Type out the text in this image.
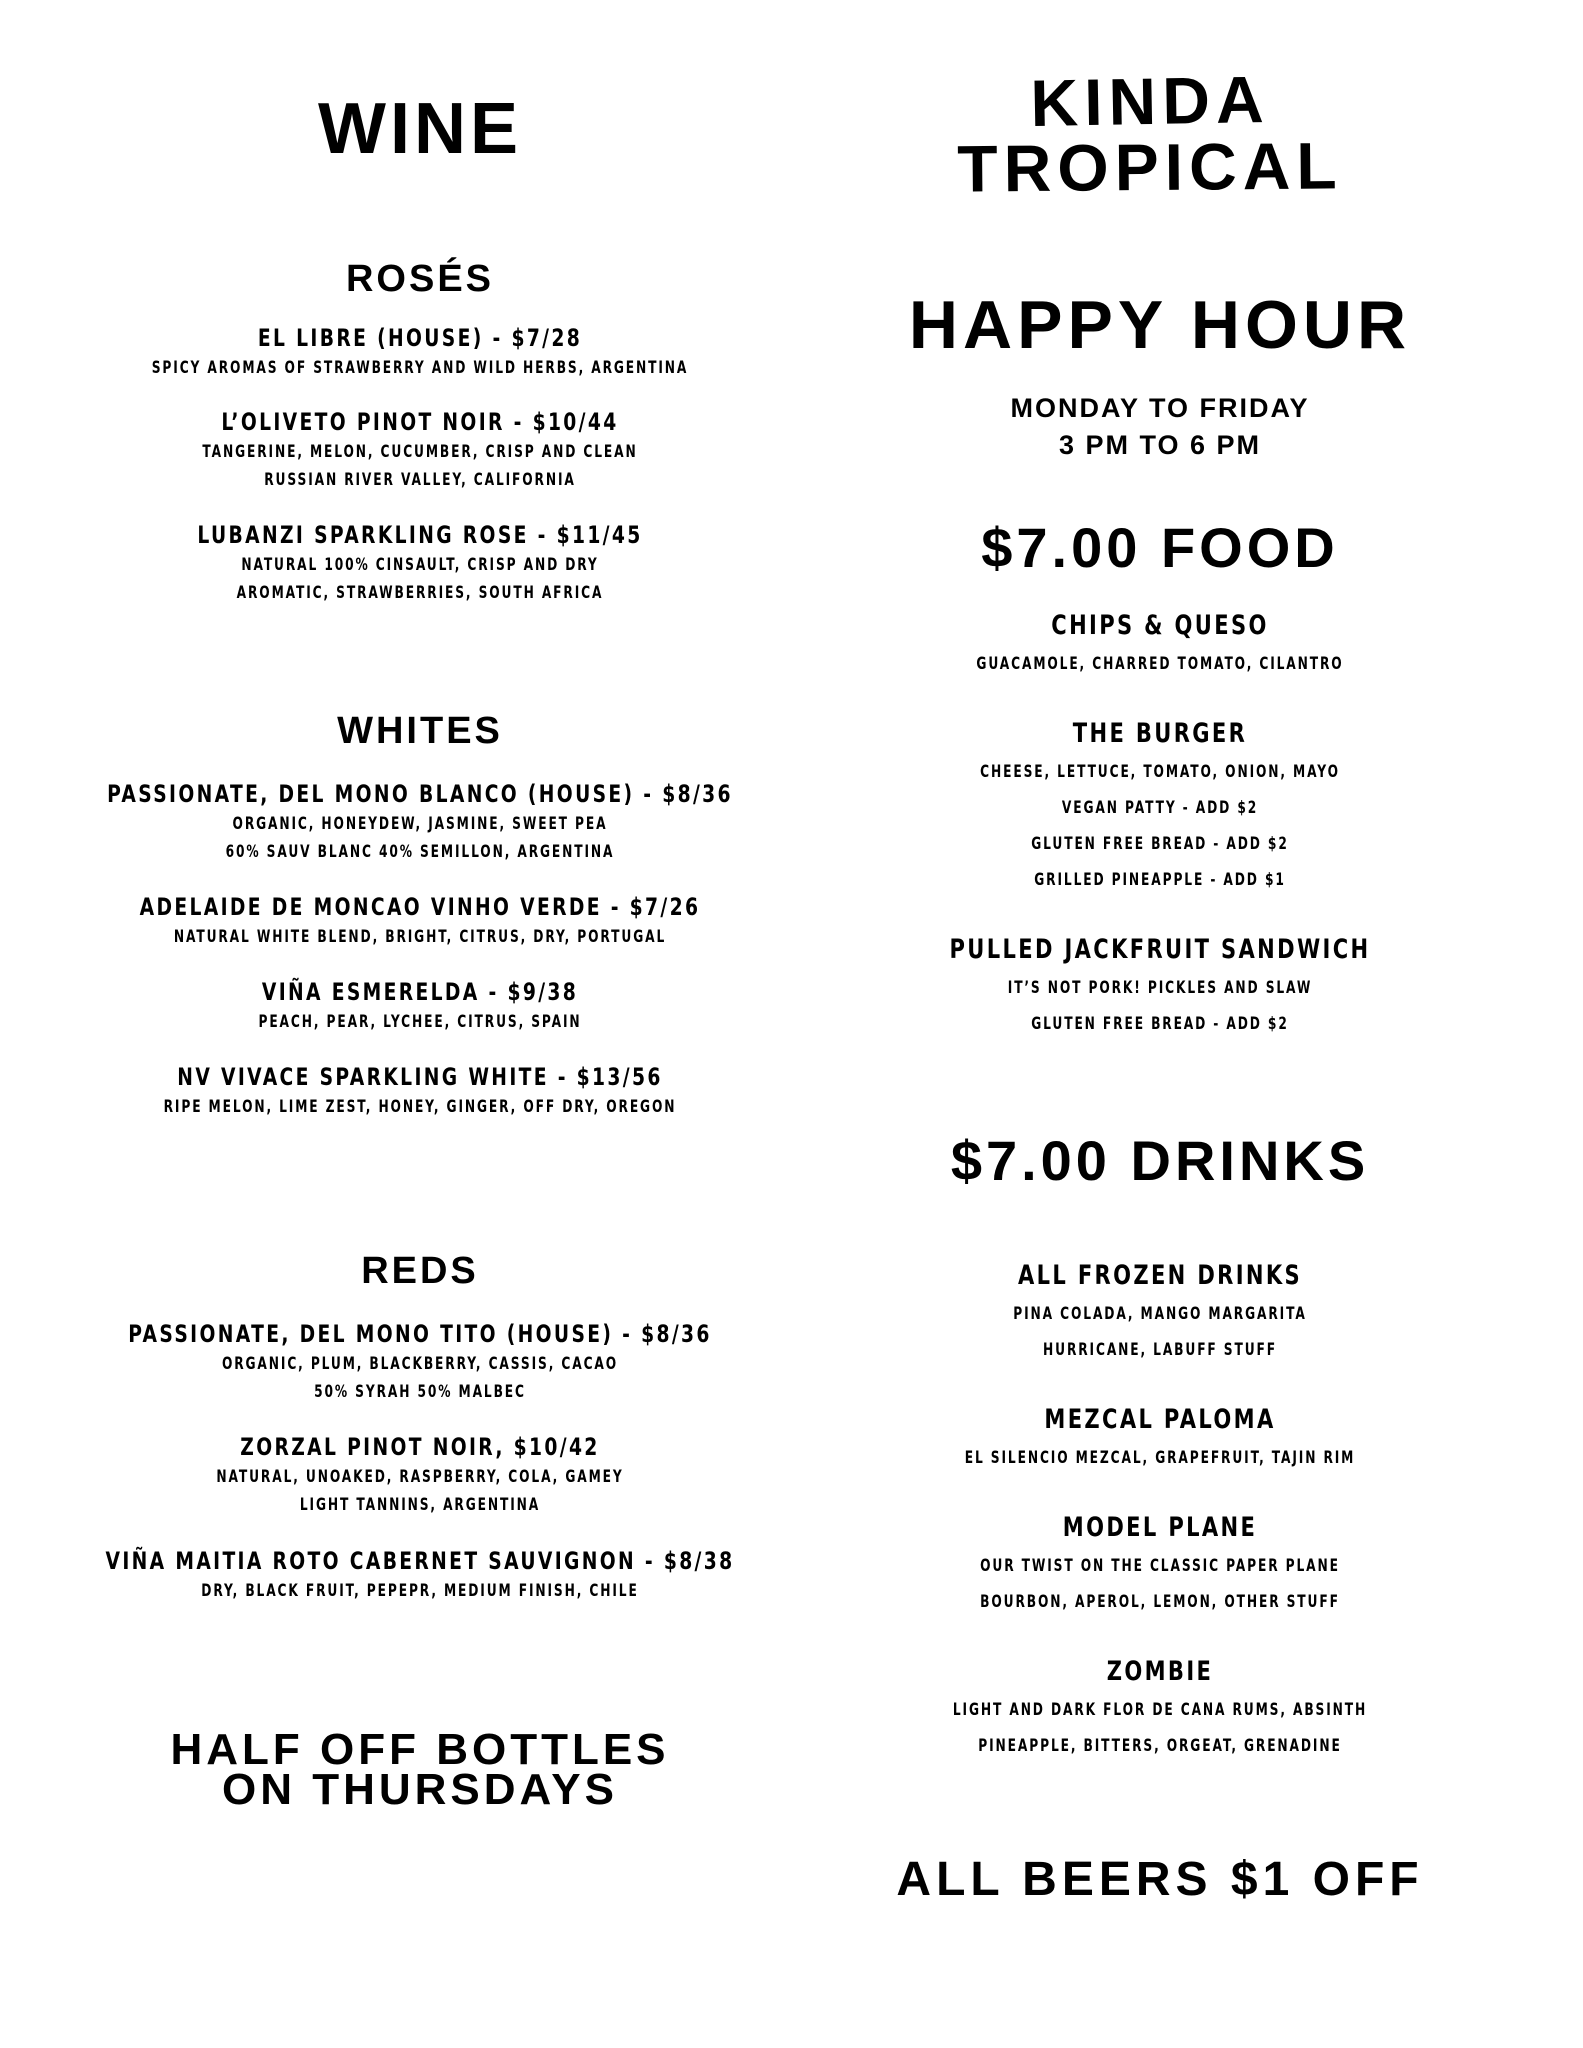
WINE
ROSÉS
EL LIBRE (HOUSE) - $7/28
SPICY AROMAS OF STRAWBERRY AND WILD HERBS, ARGENTINA
L’OLIVETO PINOT NOIR - $10/44
TANGERINE, MELON, CUCUMBER, CRISP AND CLEAN
RUSSIAN RIVER VALLEY, CALIFORNIA
LUBANZI SPARKLING ROSE - $11/45
NATURAL 100% CINSAULT, CRISP AND DRY
AROMATIC, STRAWBERRIES, SOUTH AFRICA
WHITES
PASSIONATE, DEL MONO BLANCO (HOUSE) - $8/36
ORGANIC, HONEYDEW, JASMINE, SWEET PEA
60% SAUV BLANC 40% SEMILLON, ARGENTINA
ADELAIDE DE MONCAO VINHO VERDE - $7/26
NATURAL WHITE BLEND, BRIGHT, CITRUS, DRY, PORTUGAL
VIÑA ESMERELDA - $9/38
PEACH, PEAR, LYCHEE, CITRUS, SPAIN
NV VIVACE SPARKLING WHITE - $13/56
RIPE MELON, LIME ZEST, HONEY, GINGER, OFF DRY, OREGON
REDS
PASSIONATE, DEL MONO TITO (HOUSE) - $8/36
ORGANIC, PLUM, BLACKBERRY, CASSIS, CACAO
50% SYRAH 50% MALBEC
ZORZAL PINOT NOIR, $10/42
NATURAL, UNOAKED, RASPBERRY, COLA, GAMEY
LIGHT TANNINS, ARGENTINA
VIÑA MAITIA ROTO CABERNET SAUVIGNON - $8/38
DRY, BLACK FRUIT, PEPEPR, MEDIUM FINISH, CHILE
HALF OFF BOTTLES
ON THURSDAYS
KINDA
TROPICAL
HAPPY HOUR
MONDAY TO FRIDAY
3 PM TO 6 PM
$7.00 FOOD
CHIPS & QUESO
GUACAMOLE, CHARRED TOMATO, CILANTRO
THE BURGER
CHEESE, LETTUCE, TOMATO, ONION, MAYO
VEGAN PATTY - ADD $2
GLUTEN FREE BREAD - ADD $2
GRILLED PINEAPPLE - ADD $1
PULLED JACKFRUIT SANDWICH
IT’S NOT PORK! PICKLES AND SLAW
GLUTEN FREE BREAD - ADD $2
$7.00 DRINKS
ALL FROZEN DRINKS
PINA COLADA, MANGO MARGARITA
HURRICANE, LABUFF STUFF
MEZCAL PALOMA
EL SILENCIO MEZCAL, GRAPEFRUIT, TAJIN RIM
MODEL PLANE
OUR TWIST ON THE CLASSIC PAPER PLANE
BOURBON, APEROL, LEMON, OTHER STUFF
ZOMBIE
LIGHT AND DARK FLOR DE CANA RUMS, ABSINTH
PINEAPPLE, BITTERS, ORGEAT, GRENADINE
ALL BEERS $1 OFF
